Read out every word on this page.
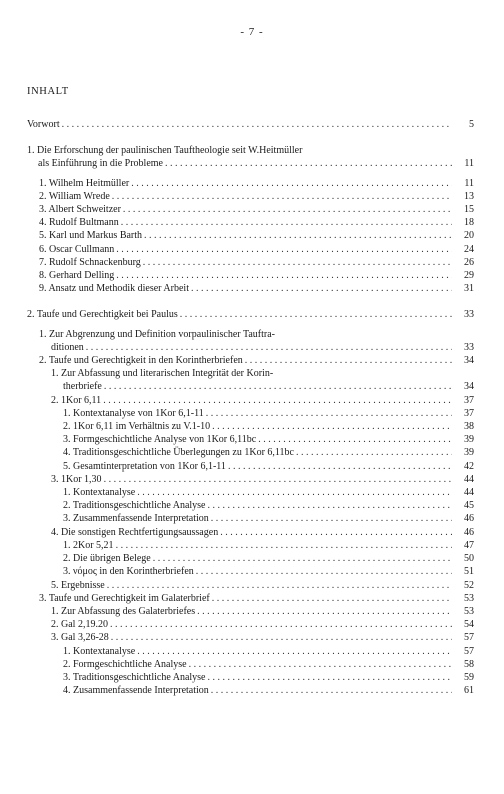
- 7 -
INHALT
Vorwort . . .	5
1. Die Erforschung der paulinischen Tauftheologie seit W.Heitmüller
als Einführung in die Probleme . . .	11
1. Wilhelm Heitmüller . . .	11
2. William Wrede . . .	13
3. Albert Schweitzer . . .	15
4. Rudolf Bultmann . . .	18
5. Karl und Markus Barth . . .	20
6. Oscar Cullmann . . .	24
7. Rudolf Schnackenburg . . .	26
8. Gerhard Delling . . .	29
9. Ansatz und Methodik dieser Arbeit . . .	31
2. Taufe und Gerechtigkeit bei Paulus . . .	33
1. Zur Abgrenzung und Definition vorpaulinischer Tauftra-
ditionen . . .	33
2. Taufe und Gerechtigkeit in den Korintherbriefen . . .	34
1. Zur Abfassung und literarischen Integrität der Korin-
therbriefe . . .	34
2. 1Kor 6,11 . . .	37
1. Kontextanalyse von 1Kor 6,1-11 . . .	37
2. 1Kor 6,11 im Verhältnis zu V.1-10 . . .	38
3. Formgeschichtliche Analyse von 1Kor 6,11bc . . .	39
4. Traditionsgeschichtliche Überlegungen zu 1Kor 6,11bc . . .	39
5. Gesamtinterpretation von 1Kor 6,1-11 . . .	42
3. 1Kor 1,30 . . .	44
1. Kontextanalyse . . .	44
2. Traditionsgeschichtliche Analyse . . .	45
3. Zusammenfassende Interpretation . . .	46
4. Die sonstigen Rechtfertigungsaussagen . . .	46
1. 2Kor 5,21 . . .	47
2. Die übrigen Belege . . .	50
3. νόμος in den Korintherbriefen . . .	51
5. Ergebnisse . . .	52
3. Taufe und Gerechtigkeit im Galaterbrief . . .	53
1. Zur Abfassung des Galaterbriefes . . .	53
2. Gal 2,19.20 . . .	54
3. Gal 3,26-28 . . .	57
1. Kontextanalyse . . .	57
2. Formgeschichtliche Analyse . . .	58
3. Traditionsgeschichtliche Analyse . . .	59
4. Zusammenfassende Interpretation . . .	61
